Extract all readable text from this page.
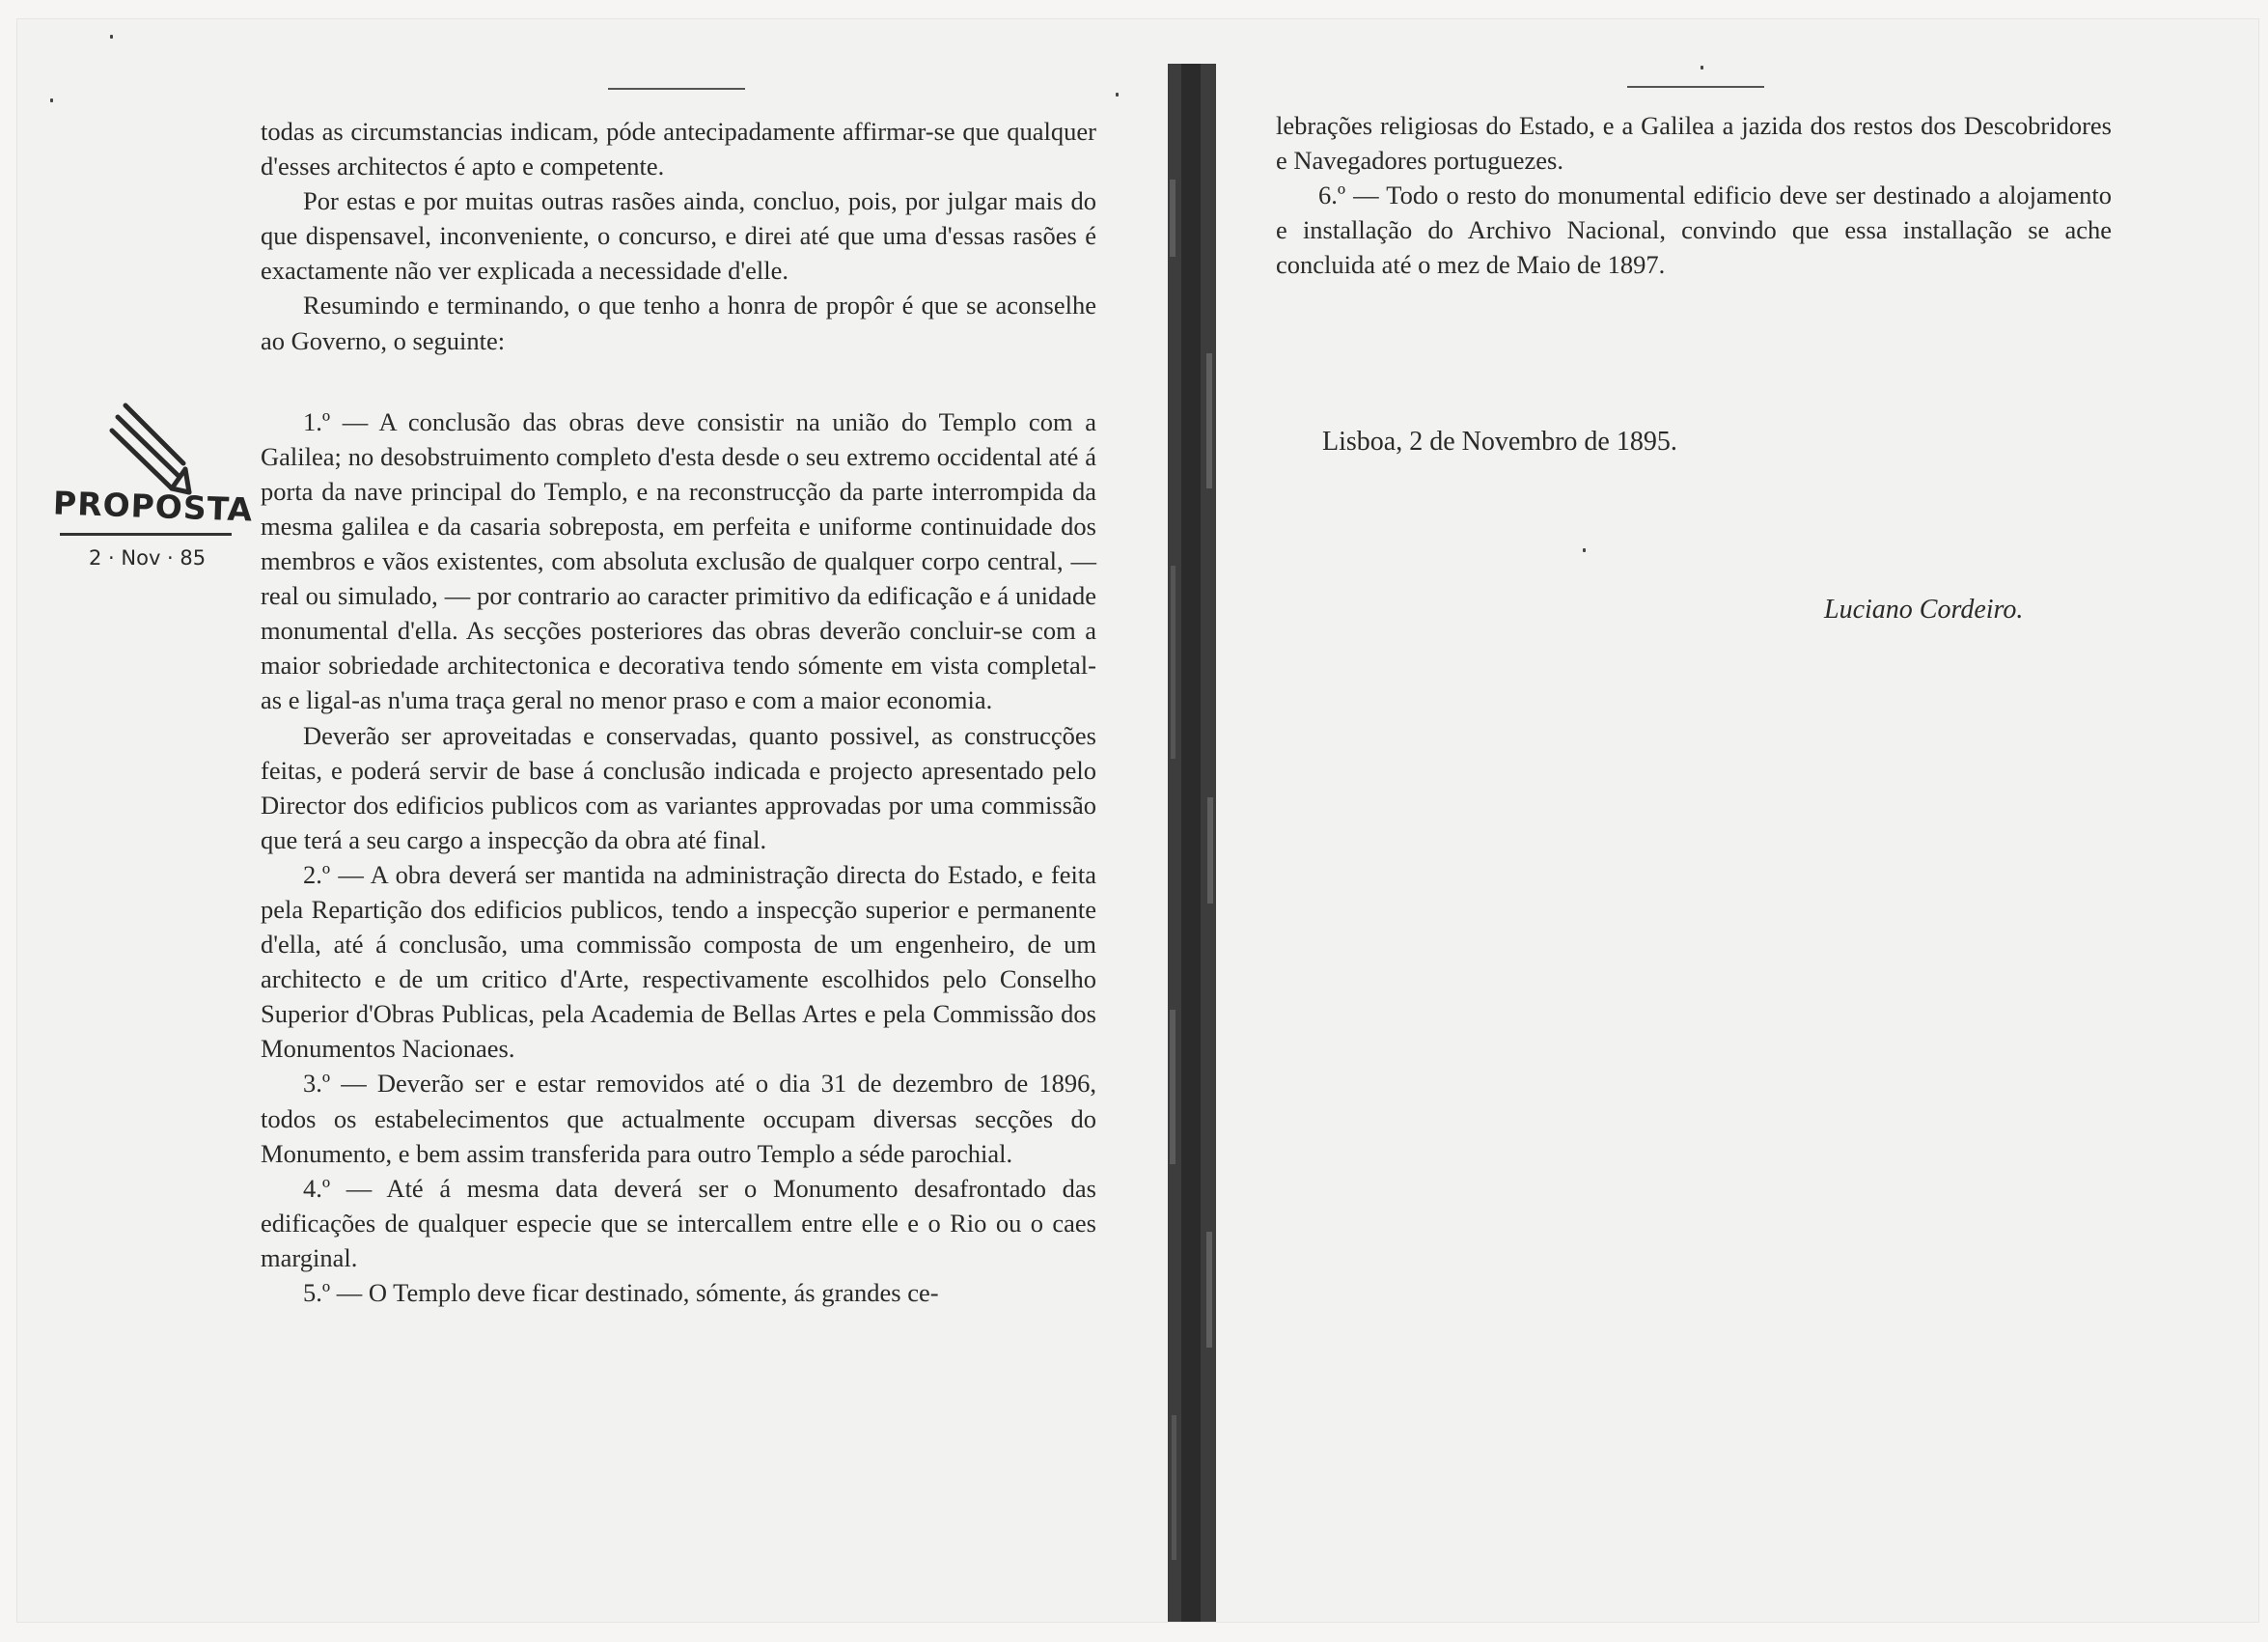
todas as circumstancias indicam, póde antecipadamente affirmar-se que qualquer d'esses architectos é apto e competente.

Por estas e por muitas outras rasões ainda, concluo, pois, por julgar mais do que dispensavel, inconveniente, o concurso, e direi até que uma d'essas rasões é exactamente não ver explicada a necessidade d'elle.

Resumindo e terminando, o que tenho a honra de propôr é que se aconselhe ao Governo, o seguinte:

1.º — A conclusão das obras deve consistir na união do Templo com a Galilea; no desobstruimento completo d'esta desde o seu extremo occidental até á porta da nave principal do Templo, e na reconstrucção da parte interrompida da mesma galilea e da casaria sobreposta, em perfeita e uniforme continuidade dos membros e vãos existentes, com absoluta exclusão de qualquer corpo central, — real ou simulado, — por contrario ao caracter primitivo da edificação e á unidade monumental d'ella. As secções posteriores das obras deverão concluir-se com a maior sobriedade architectonica e decorativa tendo sómente em vista completal-as e ligal-as n'uma traça geral no menor praso e com a maior economia.

Deverão ser aproveitadas e conservadas, quanto possivel, as construcções feitas, e poderá servir de base á conclusão indicada e projecto apresentado pelo Director dos edificios publicos com as variantes approvadas por uma commissão que terá a seu cargo a inspecção da obra até final.

2.º — A obra deverá ser mantida na administração directa do Estado, e feita pela Repartição dos edificios publicos, tendo a inspecção superior e permanente d'ella, até á conclusão, uma commissão composta de um engenheiro, de um architecto e de um critico d'Arte, respectivamente escolhidos pelo Conselho Superior d'Obras Publicas, pela Academia de Bellas Artes e pela Commissão dos Monumentos Nacionaes.

3.º — Deverão ser e estar removidos até o dia 31 de dezembro de 1896, todos os estabelecimentos que actualmente occupam diversas secções do Monumento, e bem assim transferida para outro Templo a séde parochial.

4.º — Até á mesma data deverá ser o Monumento desafrontado das edificações de qualquer especie que se intercallem entre elle e o Rio ou o caes marginal.

5.º — O Templo deve ficar destinado, sómente, ás grandes ce-

lebrações religiosas do Estado, e a Galilea a jazida dos restos dos Descobridores e Navegadores portuguezes.

6.º — Todo o resto do monumental edificio deve ser destinado a alojamento e installação do Archivo Nacional, convindo que essa installação se ache concluida até o mez de Maio de 1897.

Lisboa, 2 de Novembro de 1895.
Luciano Cordeiro.
PROPOSTA
2 · Nov · 85
